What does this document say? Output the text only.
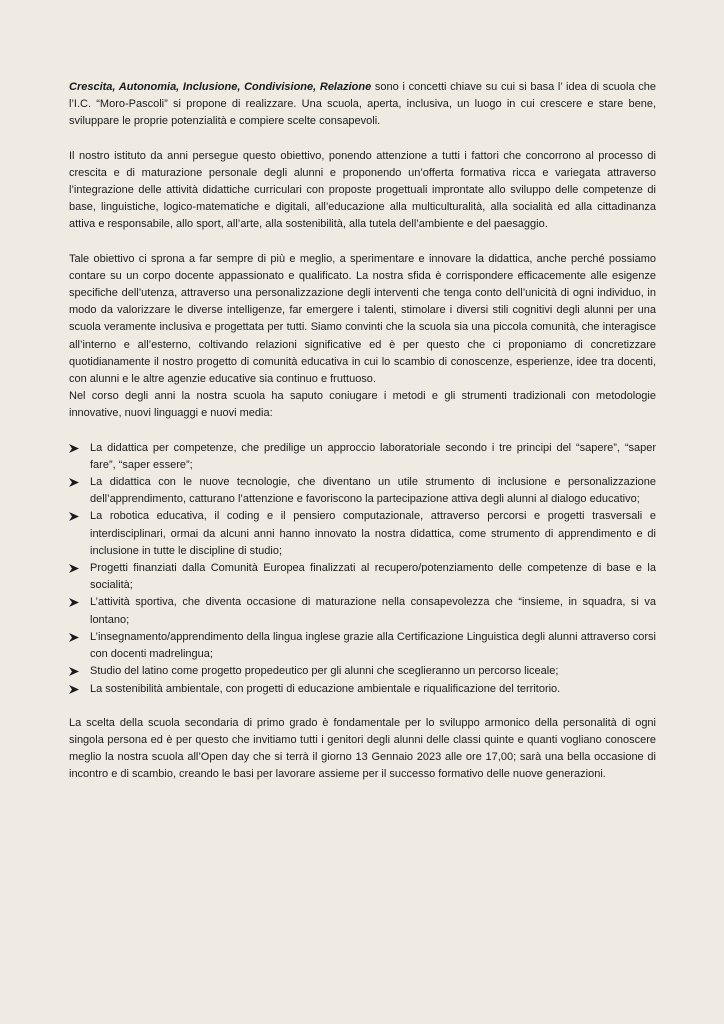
Crescita, Autonomia, Inclusione, Condivisione, Relazione sono i concetti chiave su cui si basa l’ idea di scuola che l’I.C. “Moro-Pascoli” si propone di realizzare. Una scuola, aperta, inclusiva, un luogo in cui crescere e stare bene, sviluppare le proprie potenzialità e compiere scelte consapevoli.

Il nostro istituto da anni persegue questo obiettivo, ponendo attenzione a tutti i fattori che concorrono al processo di crescita e di maturazione personale degli alunni e proponendo un’offerta formativa ricca e variegata attraverso l’integrazione delle attività didattiche curriculari con proposte progettuali improntate allo sviluppo delle competenze di base, linguistiche, logico-matematiche e digitali, all’educazione alla multiculturalità, alla socialità ed alla cittadinanza attiva e responsabile, allo sport, all’arte, alla sostenibilità, alla tutela dell’ambiente e del paesaggio.

Tale obiettivo ci sprona a far sempre di più e meglio, a sperimentare e innovare la didattica, anche perché possiamo contare su un corpo docente appassionato e qualificato. La nostra sfida è corrispondere efficacemente alle esigenze specifiche dell’utenza, attraverso una personalizzazione degli interventi che tenga conto dell’unicità di ogni individuo, in modo da valorizzare le diverse intelligenze, far emergere i talenti, stimolare i diversi stili cognitivi degli alunni per una scuola veramente inclusiva e progettata per tutti. Siamo convinti che la scuola sia una piccola comunità, che interagisce all’interno e all’esterno, coltivando relazioni significative ed è per questo che ci proponiamo di concretizzare quotidianamente il nostro progetto di comunità educativa in cui lo scambio di conoscenze, esperienze, idee tra docenti, con alunni e le altre agenzie educative sia continuo e fruttuoso.

Nel corso degli anni la nostra scuola ha saputo coniugare i metodi e gli strumenti tradizionali con metodologie innovative, nuovi linguaggi e nuovi media:

La didattica per competenze, che predilige un approccio laboratoriale secondo i tre principi del “sapere”, “saper fare”, “saper essere”;
La didattica con le nuove tecnologie, che diventano un utile strumento di inclusione e personalizzazione dell’apprendimento, catturano l’attenzione e favoriscono la partecipazione attiva degli alunni al dialogo educativo;
La robotica educativa, il coding e il pensiero computazionale, attraverso percorsi e progetti trasversali e interdisciplinari, ormai da alcuni anni hanno innovato la nostra didattica, come strumento di apprendimento e di inclusione in tutte le discipline di studio;
Progetti finanziati dalla Comunità Europea finalizzati al recupero/potenziamento delle competenze di base e la socialità;
L’attività sportiva, che diventa occasione di maturazione nella consapevolezza che “insieme, in squadra, si va lontano;
L’insegnamento/apprendimento della lingua inglese grazie alla Certificazione Linguistica degli alunni attraverso corsi con docenti madrelingua;
Studio del latino come progetto propedeutico per gli alunni che sceglieranno un percorso liceale;
La sostenibilità ambientale, con progetti di educazione ambientale e riqualificazione del territorio.

La scelta della scuola secondaria di primo grado è fondamentale per lo sviluppo armonico della personalità di ogni singola persona ed è per questo che invitiamo tutti i genitori degli alunni delle classi quinte e quanti vogliano conoscere meglio la nostra scuola all’Open day che si terrà il giorno 13 Gennaio 2023 alle ore 17,00; sarà una bella occasione di incontro e di scambio, creando le basi per lavorare assieme per il successo formativo delle nuove generazioni.
